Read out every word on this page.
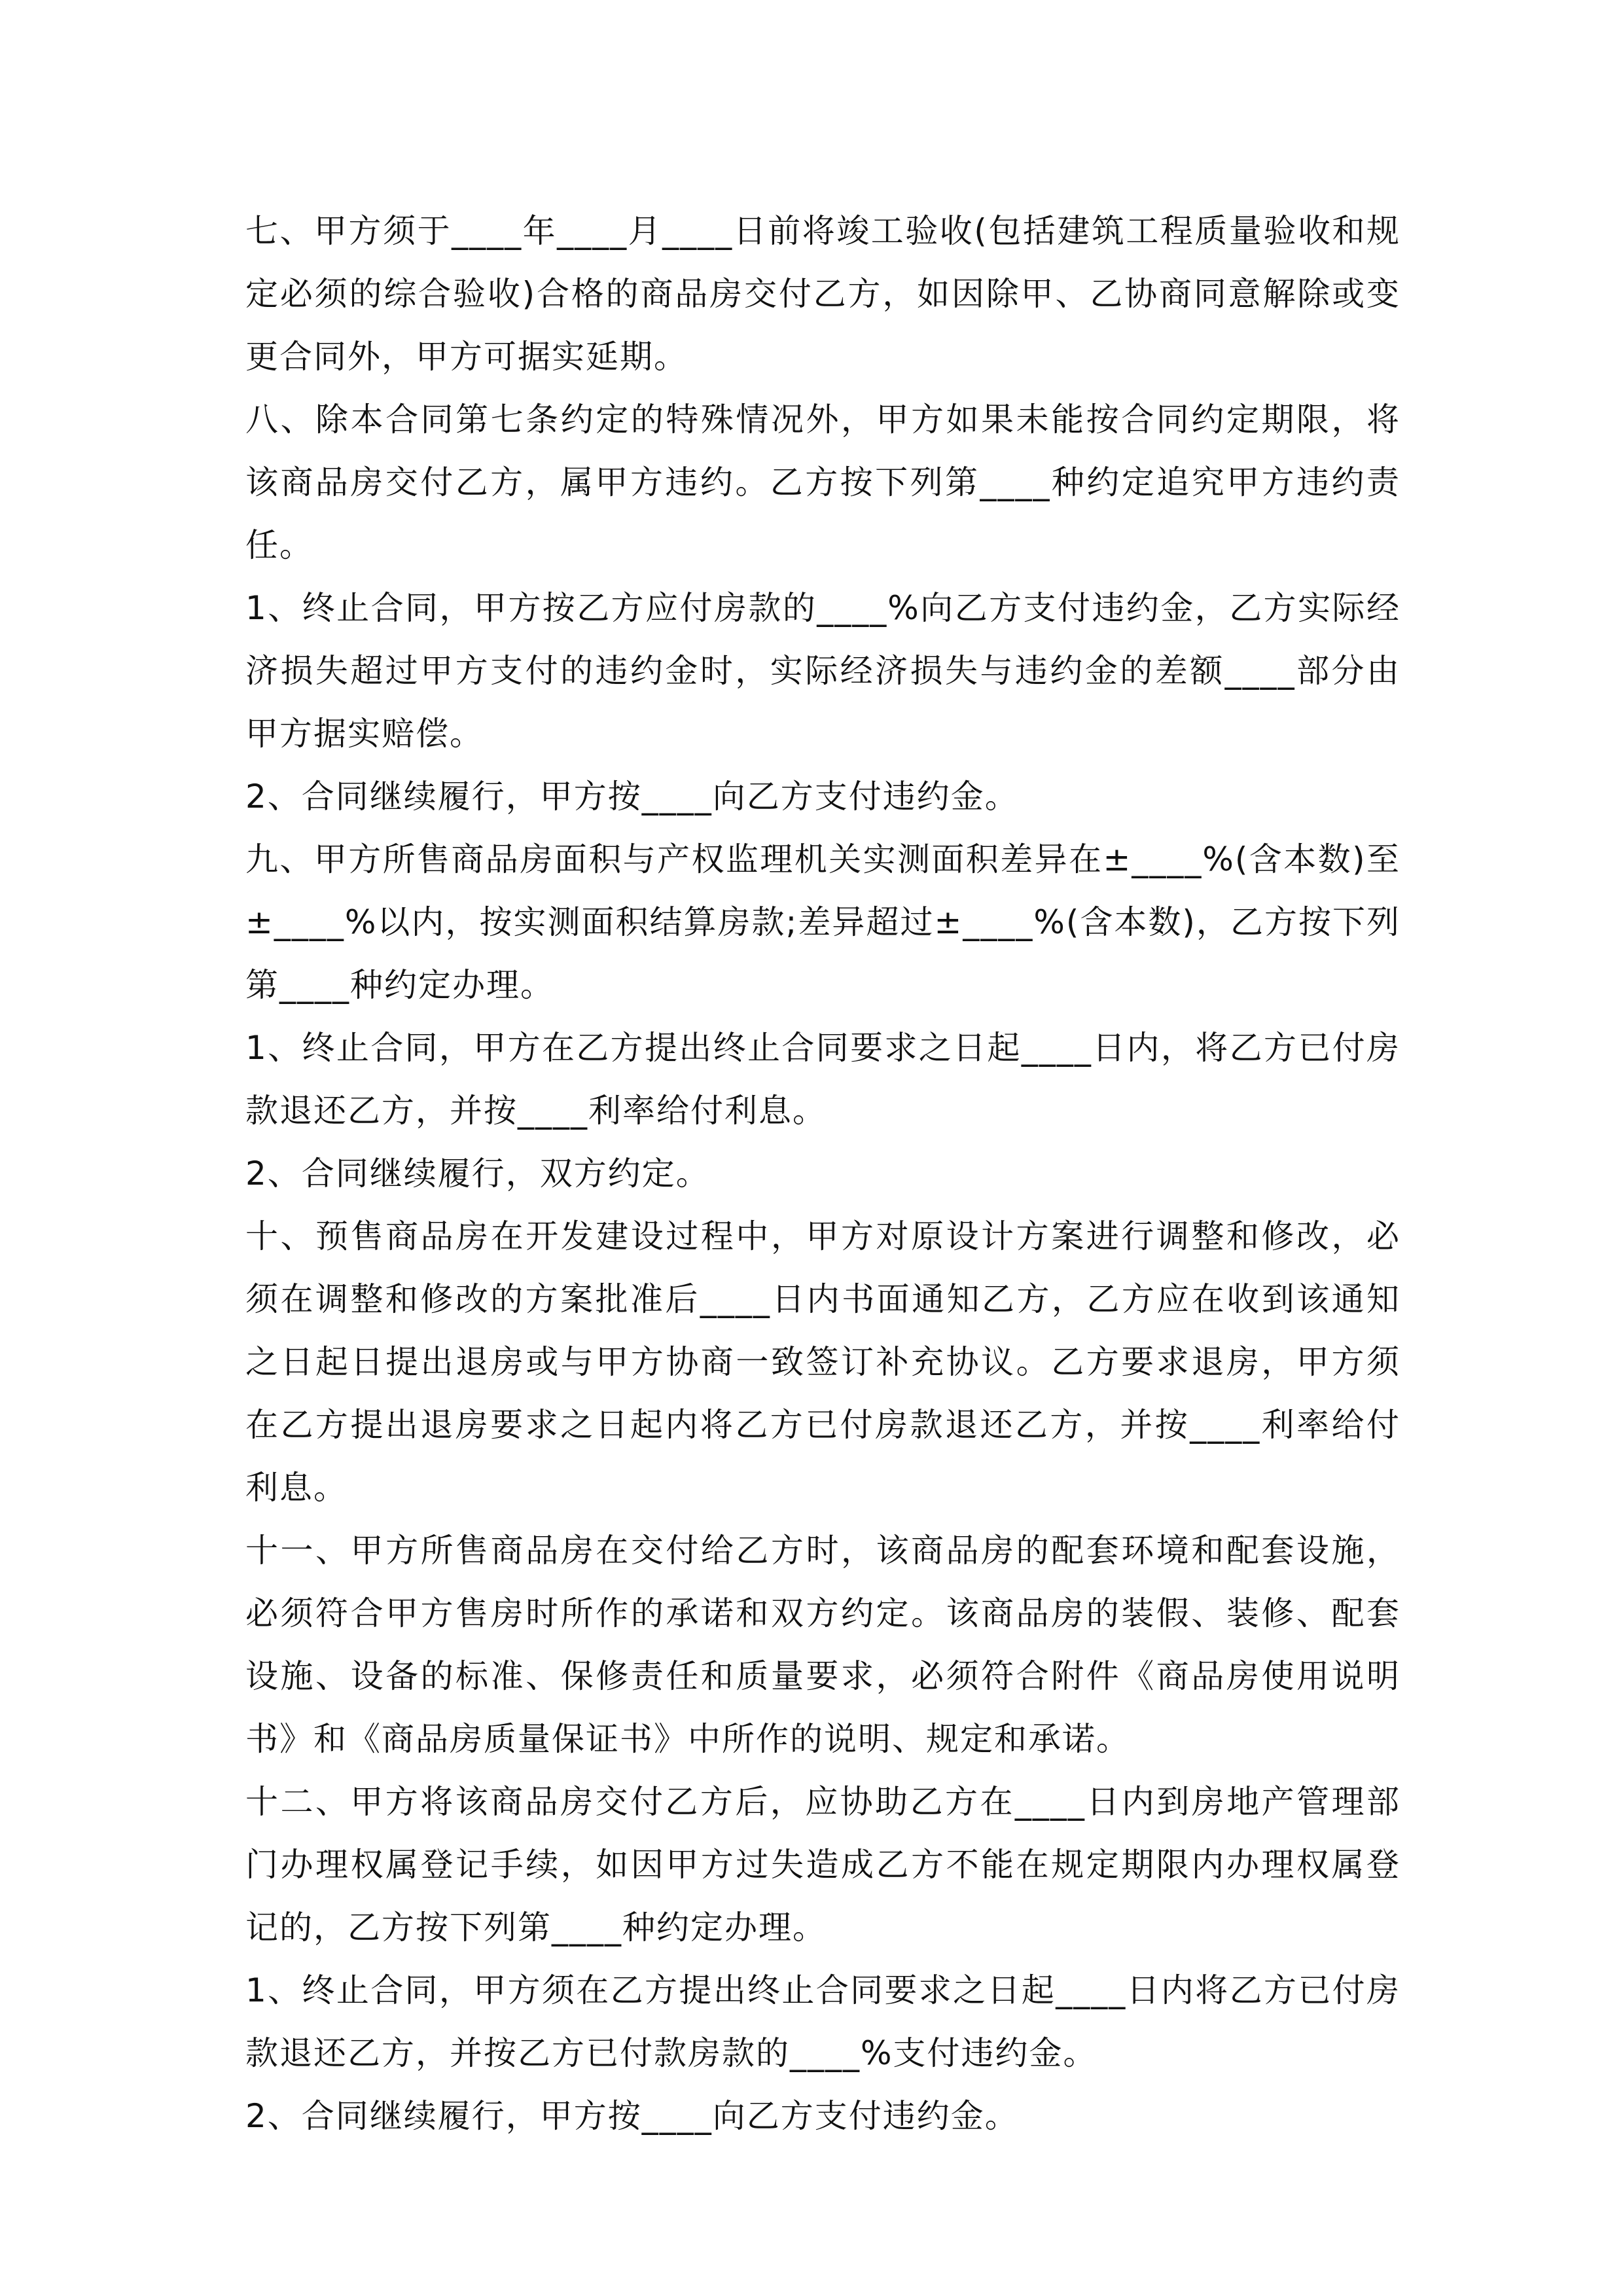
七、甲方须于____年____月____日前将竣工验收(包括建筑工程质量验收和规定必须的综合验收)合格的商品房交付乙方，如因除甲、乙协商同意解除或变更合同外，甲方可据实延期。

八、除本合同第七条约定的特殊情况外，甲方如果未能按合同约定期限，将该商品房交付乙方，属甲方违约。乙方按下列第____种约定追究甲方违约责任。

1、终止合同，甲方按乙方应付房款的____%向乙方支付违约金，乙方实际经济损失超过甲方支付的违约金时，实际经济损失与违约金的差额____部分由甲方据实赔偿。

2、合同继续履行，甲方按____向乙方支付违约金。

九、甲方所售商品房面积与产权监理机关实测面积差异在±____%(含本数)至±____%以内，按实测面积结算房款;差异超过±____%(含本数)，乙方按下列第____种约定办理。

1、终止合同，甲方在乙方提出终止合同要求之日起____日内，将乙方已付房款退还乙方，并按____利率给付利息。

2、合同继续履行，双方约定。

十、预售商品房在开发建设过程中，甲方对原设计方案进行调整和修改，必须在调整和修改的方案批准后____日内书面通知乙方，乙方应在收到该通知之日起日提出退房或与甲方协商一致签订补充协议。乙方要求退房，甲方须在乙方提出退房要求之日起内将乙方已付房款退还乙方，并按____利率给付利息。

十一、甲方所售商品房在交付给乙方时，该商品房的配套环境和配套设施，必须符合甲方售房时所作的承诺和双方约定。该商品房的装假、装修、配套设施、设备的标准、保修责任和质量要求，必须符合附件《商品房使用说明书》和《商品房质量保证书》中所作的说明、规定和承诺。

十二、甲方将该商品房交付乙方后，应协助乙方在____日内到房地产管理部门办理权属登记手续，如因甲方过失造成乙方不能在规定期限内办理权属登记的，乙方按下列第____种约定办理。

1、终止合同，甲方须在乙方提出终止合同要求之日起____日内将乙方已付房款退还乙方，并按乙方已付款房款的____%支付违约金。

2、合同继续履行，甲方按____向乙方支付违约金。
